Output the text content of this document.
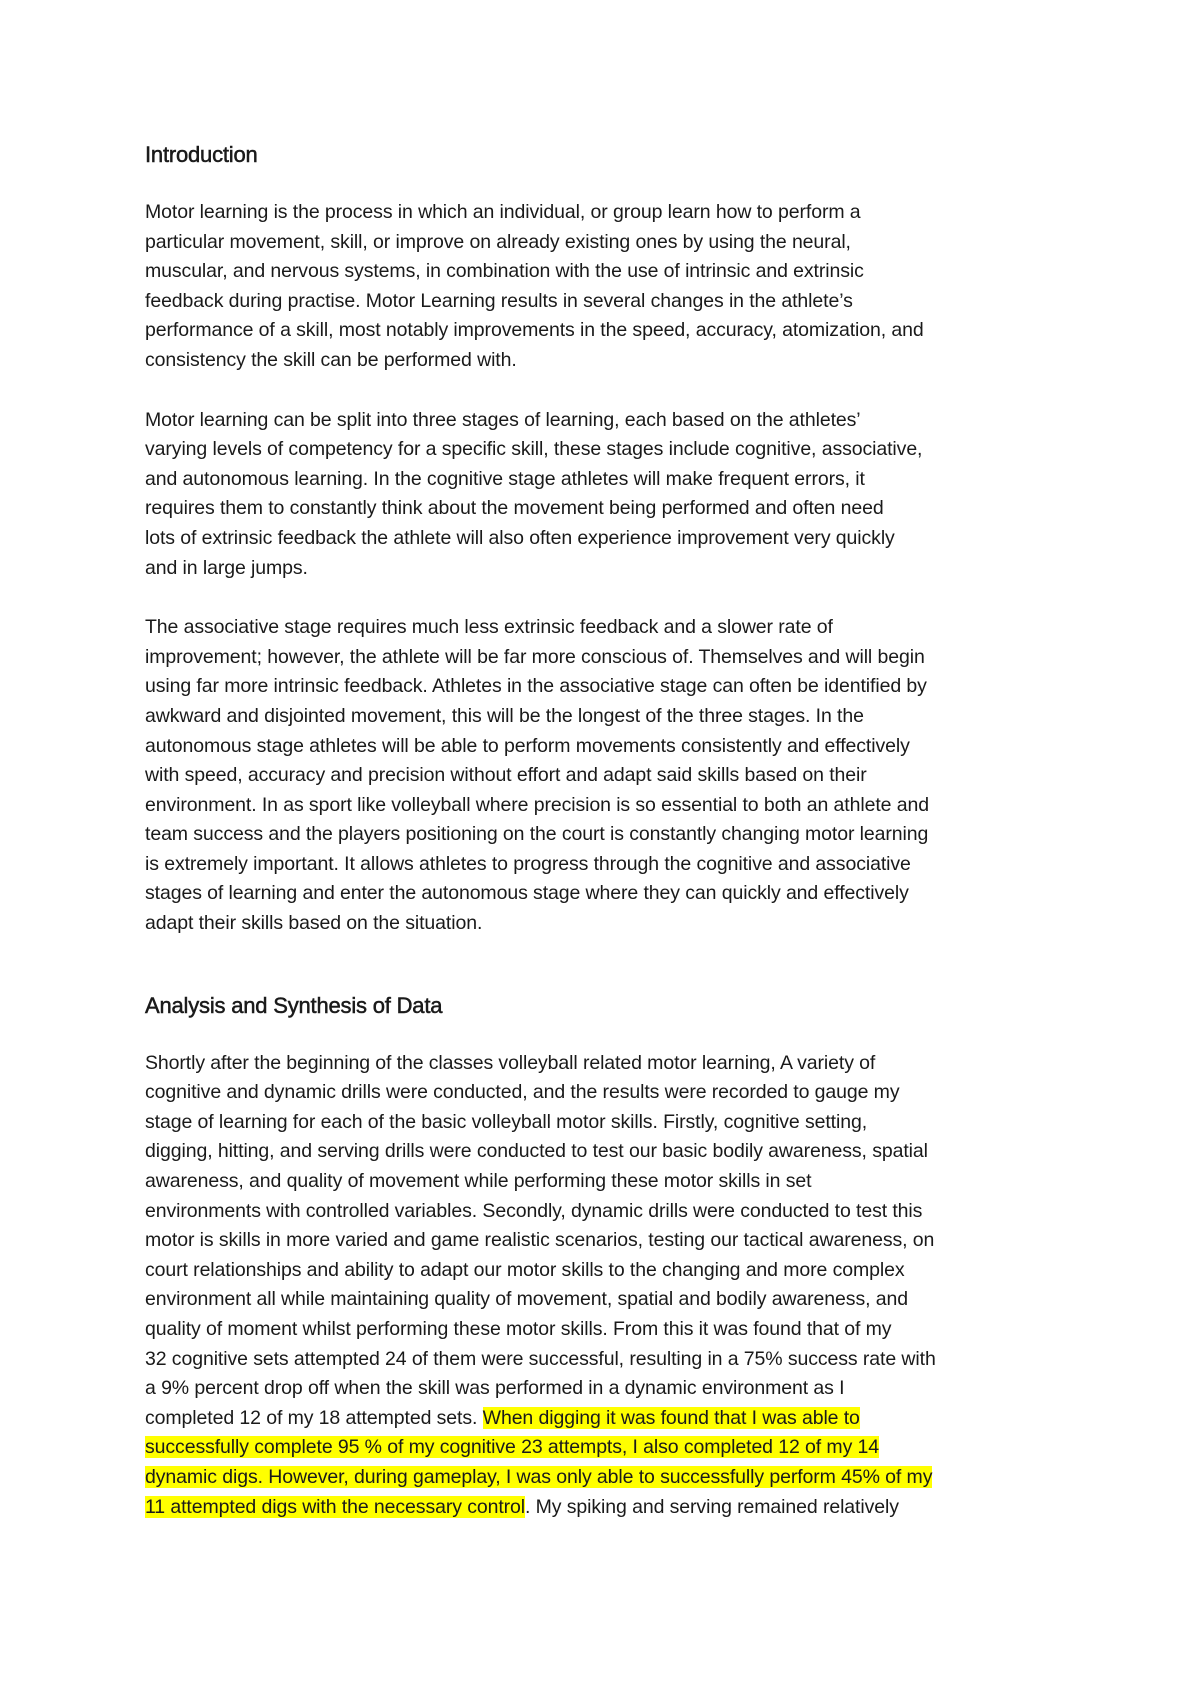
Introduction

Motor learning is the process in which an individual, or group learn how to perform a
particular movement, skill, or improve on already existing ones by using the neural,
muscular, and nervous systems, in combination with the use of intrinsic and extrinsic
feedback during practise. Motor Learning results in several changes in the athlete’s
performance of a skill, most notably improvements in the speed, accuracy, atomization, and
consistency the skill can be performed with.

Motor learning can be split into three stages of learning, each based on the athletes’
varying levels of competency for a specific skill, these stages include cognitive, associative,
and autonomous learning. In the cognitive stage athletes will make frequent errors, it
requires them to constantly think about the movement being performed and often need
lots of extrinsic feedback the athlete will also often experience improvement very quickly
and in large jumps.

The associative stage requires much less extrinsic feedback and a slower rate of
improvement; however, the athlete will be far more conscious of. Themselves and will begin
using far more intrinsic feedback. Athletes in the associative stage can often be identified by
awkward and disjointed movement, this will be the longest of the three stages. In the
autonomous stage athletes will be able to perform movements consistently and effectively
with speed, accuracy and precision without effort and adapt said skills based on their
environment. In as sport like volleyball where precision is so essential to both an athlete and
team success and the players positioning on the court is constantly changing motor learning
is extremely important. It allows athletes to progress through the cognitive and associative
stages of learning and enter the autonomous stage where they can quickly and effectively
adapt their skills based on the situation.

Analysis and Synthesis of Data

Shortly after the beginning of the classes volleyball related motor learning, A variety of
cognitive and dynamic drills were conducted, and the results were recorded to gauge my
stage of learning for each of the basic volleyball motor skills. Firstly, cognitive setting,
digging, hitting, and serving drills were conducted to test our basic bodily awareness, spatial
awareness, and quality of movement while performing these motor skills in set
environments with controlled variables. Secondly, dynamic drills were conducted to test this
motor is skills in more varied and game realistic scenarios, testing our tactical awareness, on
court relationships and ability to adapt our motor skills to the changing and more complex
environment all while maintaining quality of movement, spatial and bodily awareness, and
quality of moment whilst performing these motor skills. From this it was found that of my
32 cognitive sets attempted 24 of them were successful, resulting in a 75% success rate with
a 9% percent drop off when the skill was performed in a dynamic environment as I
completed 12 of my 18 attempted sets. When digging it was found that I was able to
successfully complete 95 % of my cognitive 23 attempts, I also completed 12 of my 14
dynamic digs. However, during gameplay, I was only able to successfully perform 45% of my
11 attempted digs with the necessary control. My spiking and serving remained relatively
